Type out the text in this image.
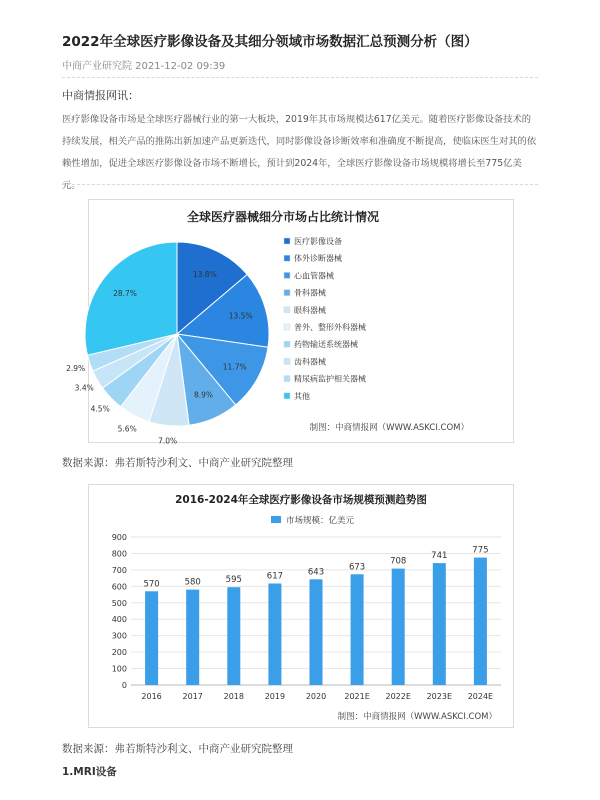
2022年全球医疗影像设备及其细分领域市场数据汇总预测分析（图）
中商产业研究院 2021-12-02 09:39
中商情报网讯：
医疗影像设备市场是全球医疗器械行业的第一大板块，2019年其市场规模达617亿美元。随着医疗影像设备技术的持续发展，相关产品的推陈出新加速产品更新迭代，同时影像设备诊断效率和准确度不断提高，使临床医生对其的依赖性增加，促进全球医疗影像设备市场不断增长，预计到2024年，全球医疗影像设备市场规模将增长至775亿美元。
全球医疗器械细分市场占比统计情况
13.8%
13.5%
11.7%
8.9%
7.0%
5.6%
4.5%
3.4%
2.9%
28.7%
医疗影像设备
体外诊断器械
心血管器械
骨科器械
眼科器械
普外、整形外科器械
药物输送系统器械
齿科器械
精尿病监护相关器械
其他
制图：中商情报网（WWW.ASKCI.COM）
数据来源：弗若斯特沙利文、中商产业研究院整理
2016-2024年全球医疗影像设备市场规模预测趋势图
市场规模：亿美元
0
100
200
300
400
500
600
700
800
900
570
2016
580
2017
595
2018
617
2019
643
2020
673
2021E
708
2022E
741
2023E
775
2024E
制图：中商情报网（WWW.ASKCI.COM）
数据来源：弗若斯特沙利文、中商产业研究院整理
1.MRI设备
